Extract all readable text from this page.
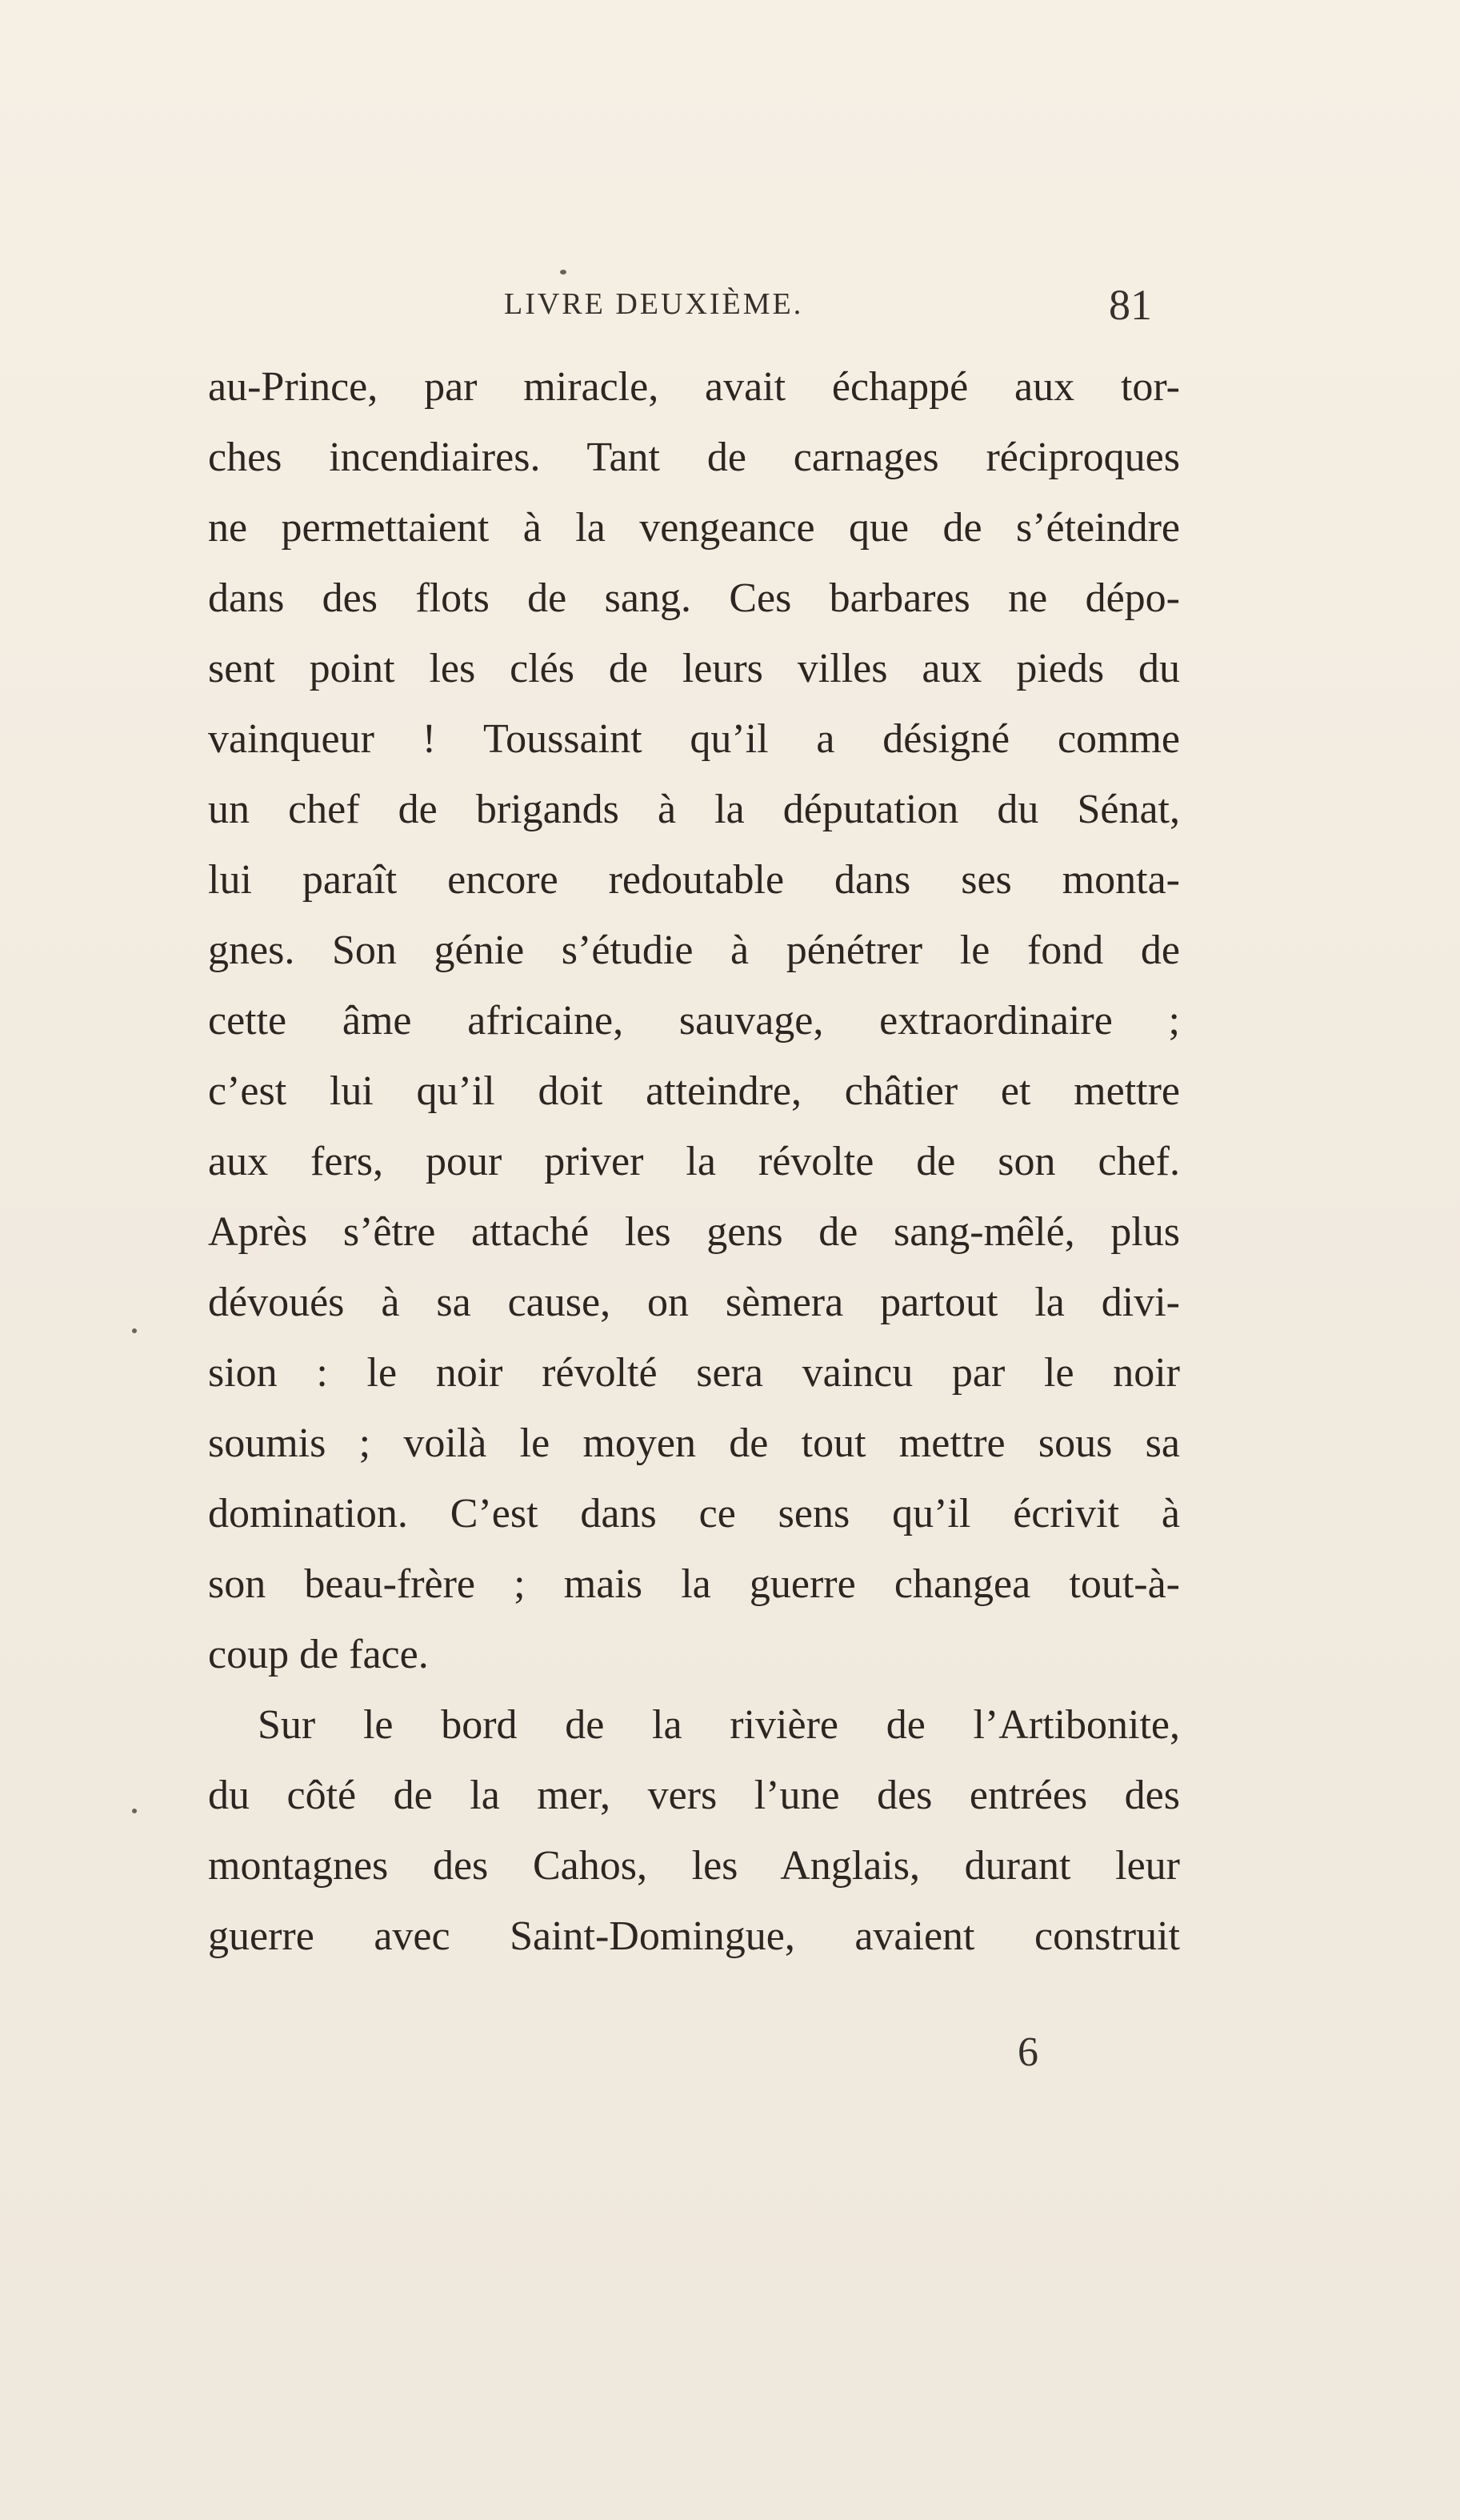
LIVRE DEUXIÈME.	81
au-Prince, par miracle, avait échappé aux tor-
ches incendiaires. Tant de carnages réciproques
ne permettaient à la vengeance que de s’éteindre
dans des flots de sang. Ces barbares ne dépo-
sent point les clés de leurs villes aux pieds du
vainqueur ! Toussaint qu’il a désigné comme
un chef de brigands à la députation du Sénat,
lui paraît encore redoutable dans ses monta-
gnes. Son génie s’étudie à pénétrer le fond de
cette âme africaine, sauvage, extraordinaire ;
c’est lui qu’il doit atteindre, châtier et mettre
aux fers, pour priver la révolte de son chef.
Après s’être attaché les gens de sang-mêlé, plus
dévoués à sa cause, on sèmera partout la divi-
sion : le noir révolté sera vaincu par le noir
soumis ; voilà le moyen de tout mettre sous sa
domination. C’est dans ce sens qu’il écrivit à
son beau-frère ; mais la guerre changea tout-à-
coup de face.
Sur le bord de la rivière de l’Artibonite,
du côté de la mer, vers l’une des entrées des
montagnes des Cahos, les Anglais, durant leur
guerre avec Saint-Domingue, avaient construit
6
